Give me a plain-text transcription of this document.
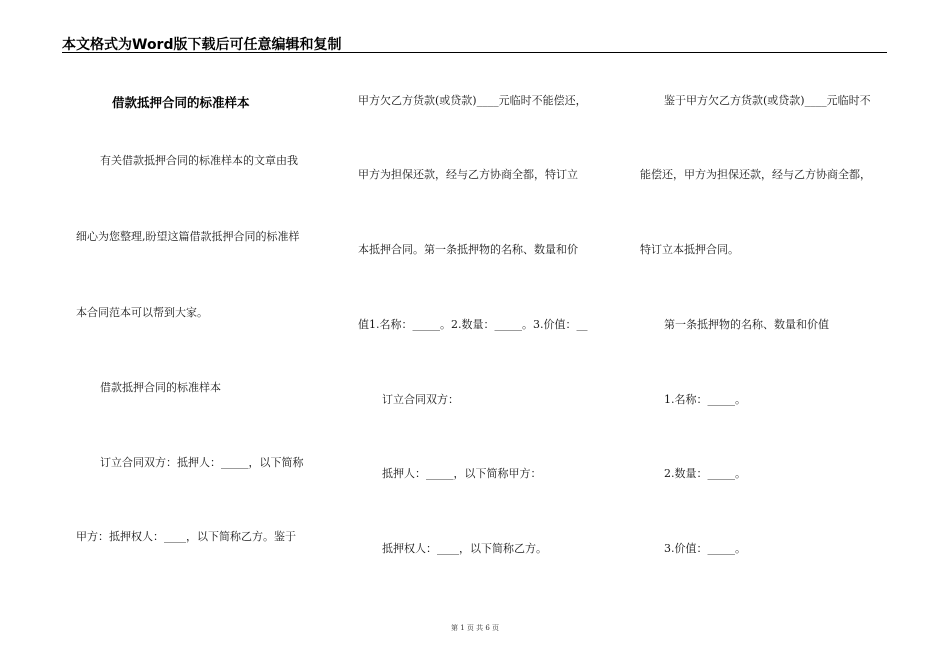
本文格式为Word版下载后可任意编辑和复制
借款抵押合同的标准样本
有关借款抵押合同的标准样本的文章由我
细心为您整理,盼望这篇借款抵押合同的标准样
本合同范本可以帮到大家。
借款抵押合同的标准样本
订立合同双方：抵押人：_____，以下简称
甲方：抵押权人：____，以下简称乙方。鉴于
甲方欠乙方货款(或贷款)____元临时不能偿还，
甲方为担保还款，经与乙方协商全都，特订立
本抵押合同。第一条抵押物的名称、数量和价
值1.名称：_____。2.数量：_____。3.价值：__
订立合同双方：
抵押人：_____，以下简称甲方：
抵押权人：____，以下简称乙方。
鉴于甲方欠乙方货款(或贷款)____元临时不
能偿还，甲方为担保还款，经与乙方协商全都，
特订立本抵押合同。
第一条抵押物的名称、数量和价值
1.名称：_____。
2.数量：_____。
3.价值：_____。
第 1 页 共 6 页
